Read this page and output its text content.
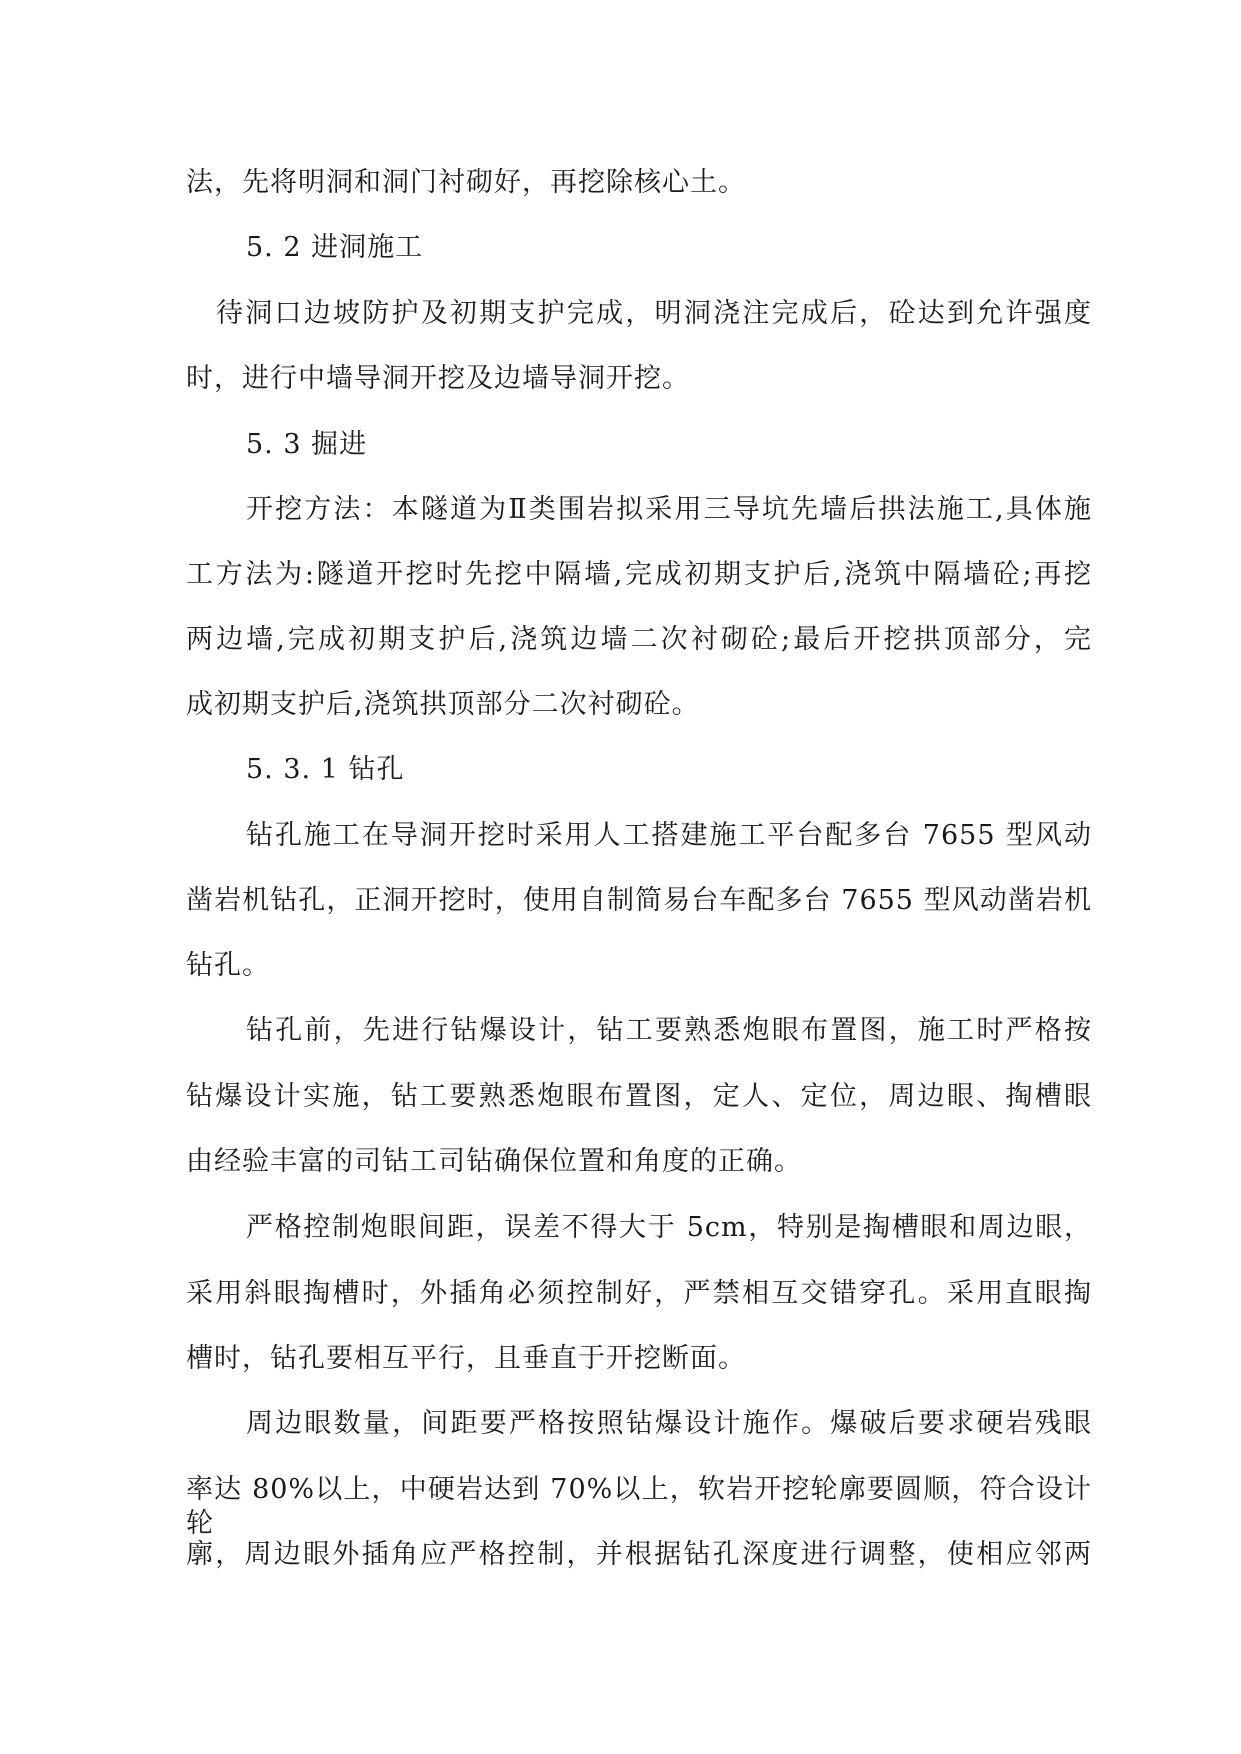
法，先将明洞和洞门衬砌好，再挖除核心土。
5. 2 进洞施工
待洞口边坡防护及初期支护完成，明洞浇注完成后，砼达到允许强度
时，进行中墙导洞开挖及边墙导洞开挖。
5. 3 掘进
开挖方法：本隧道为Ⅱ类围岩拟采用三导坑先墙后拱法施工,具体施
工方法为:隧道开挖时先挖中隔墙,完成初期支护后,浇筑中隔墙砼;再挖
两边墙,完成初期支护后,浇筑边墙二次衬砌砼;最后开挖拱顶部分，完
成初期支护后,浇筑拱顶部分二次衬砌砼。
5. 3. 1 钻孔
钻孔施工在导洞开挖时采用人工搭建施工平台配多台 7655 型风动
凿岩机钻孔，正洞开挖时，使用自制简易台车配多台 7655 型风动凿岩机
钻孔。
钻孔前，先进行钻爆设计，钻工要熟悉炮眼布置图，施工时严格按
钻爆设计实施，钻工要熟悉炮眼布置图，定人、定位，周边眼、掏槽眼
由经验丰富的司钻工司钻确保位置和角度的正确。
严格控制炮眼间距，误差不得大于 5cm，特别是掏槽眼和周边眼，
采用斜眼掏槽时，外插角必须控制好，严禁相互交错穿孔。采用直眼掏
槽时，钻孔要相互平行，且垂直于开挖断面。
周边眼数量，间距要严格按照钻爆设计施作。爆破后要求硬岩残眼
率达 80%以上，中硬岩达到 70%以上，软岩开挖轮廓要圆顺，符合设计轮
廓，周边眼外插角应严格控制，并根据钻孔深度进行调整，使相应邻两
